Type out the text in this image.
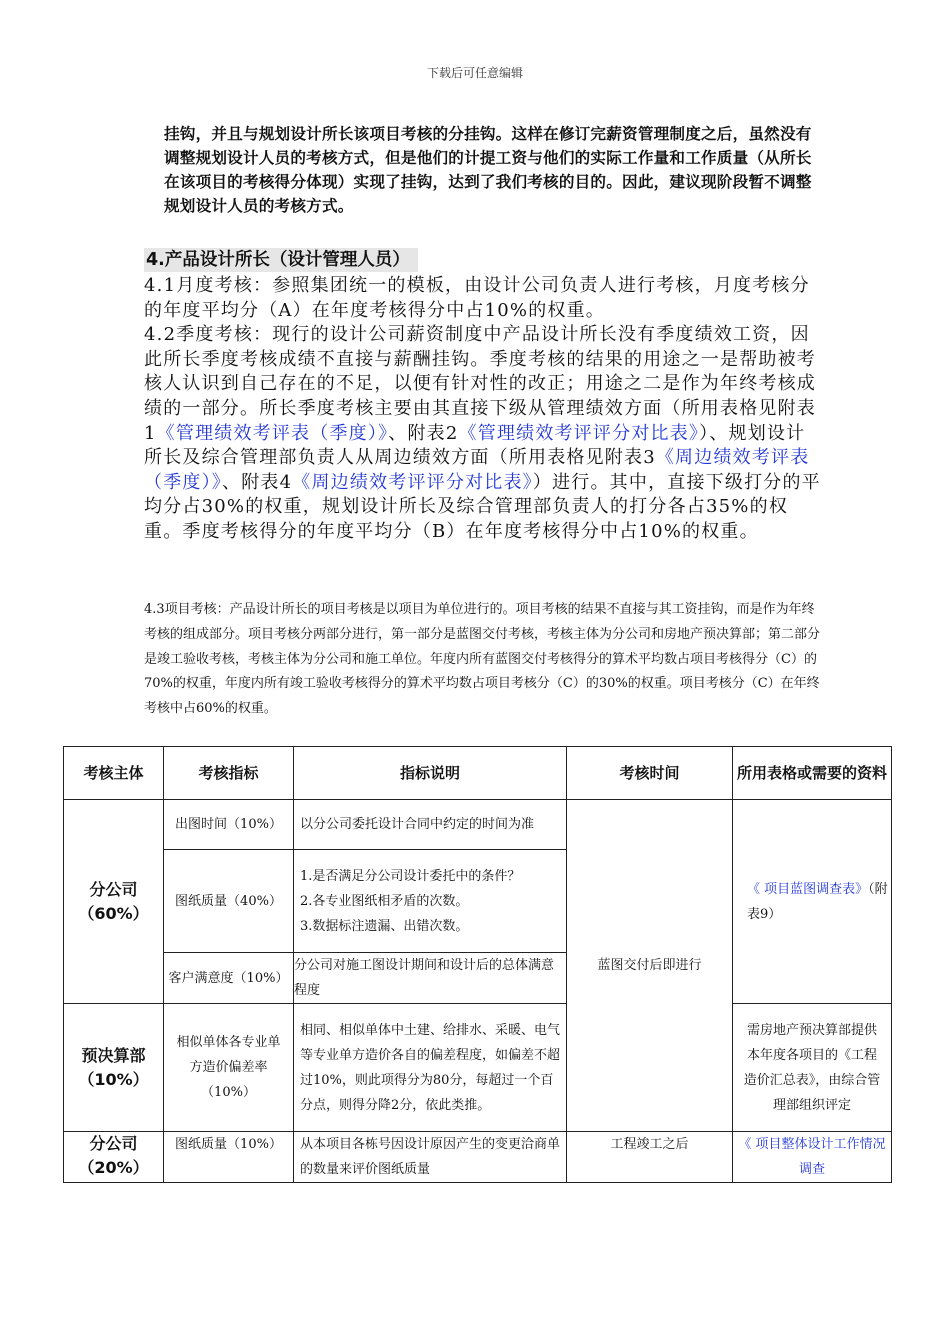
下载后可任意编辑
挂钩，并且与规划设计所长该项目考核的分挂钩。这样在修订完薪资管理制度之后，虽然没有调整规划设计人员的考核方式，但是他们的计提工资与他们的实际工作量和工作质量（从所长在该项目的考核得分体现）实现了挂钩，达到了我们考核的目的。因此，建议现阶段暂不调整规划设计人员的考核方式。
4.产品设计所长（设计管理人员）
4.1月度考核：参照集团统一的模板，由设计公司负责人进行考核，月度考核分的年度平均分（A）在年度考核得分中占10%的权重。
4.2季度考核：现行的设计公司薪资制度中产品设计所长没有季度绩效工资，因此所长季度考核成绩不直接与薪酬挂钩。季度考核的结果的用途之一是帮助被考核人认识到自己存在的不足，以便有针对性的改正；用途之二是作为年终考核成绩的一部分。所长季度考核主要由其直接下级从管理绩效方面（所用表格见附表1《管理绩效考评表（季度）》、附表2《管理绩效考评评分对比表》）、规划设计所长及综合管理部负责人从周边绩效方面（所用表格见附表3《周边绩效考评表（季度）》、附表4《周边绩效考评评分对比表》）进行。其中，直接下级打分的平均分占30%的权重，规划设计所长及综合管理部负责人的打分各占35%的权重。季度考核得分的年度平均分（B）在年度考核得分中占10%的权重。
4.3项目考核：产品设计所长的项目考核是以项目为单位进行的。项目考核的结果不直接与其工资挂钩，而是作为年终考核的组成部分。项目考核分两部分进行，第一部分是蓝图交付考核，考核主体为分公司和房地产预决算部；第二部分是竣工验收考核，考核主体为分公司和施工单位。年度内所有蓝图交付考核得分的算术平均数占项目考核得分（C）的70%的权重，年度内所有竣工验收考核得分的算术平均数占项目考核分（C）的30%的权重。项目考核分（C）在年终考核中占60%的权重。
考核主体	考核指标	指标说明	考核时间	所用表格或需要的资料
分公司（60%）	出图时间（10%）	以分公司委托设计合同中约定的时间为准	蓝图交付后即进行	《 项目蓝图调查表》（附表9）
	图纸质量（40%）	1.是否满足分公司设计委托中的条件？
2.各专业图纸相矛盾的次数。
3.数据标注遗漏、出错次数。		

	客户满意度（10%）	分公司对施工图设计期间和设计后的总体满意程度		
预决算部（10%）	相似单体各专业单方造价偏差率（10%）	相同、相似单体中土建、给排水、采暖、电气等专业单方造价各自的偏差程度，如偏差不超过10%，则此项得分为80分，每超过一个百分点，则得分降2分，依此类推。		需房地产预决算部提供本年度各项目的《工程造价汇总表》，由综合管理部组织评定
分公司（20%）	图纸质量（10%）	从本项目各栋号因设计原因产生的变更洽商单的数量来评价图纸质量	工程竣工之后	《 项目整体设计工作情况调查
